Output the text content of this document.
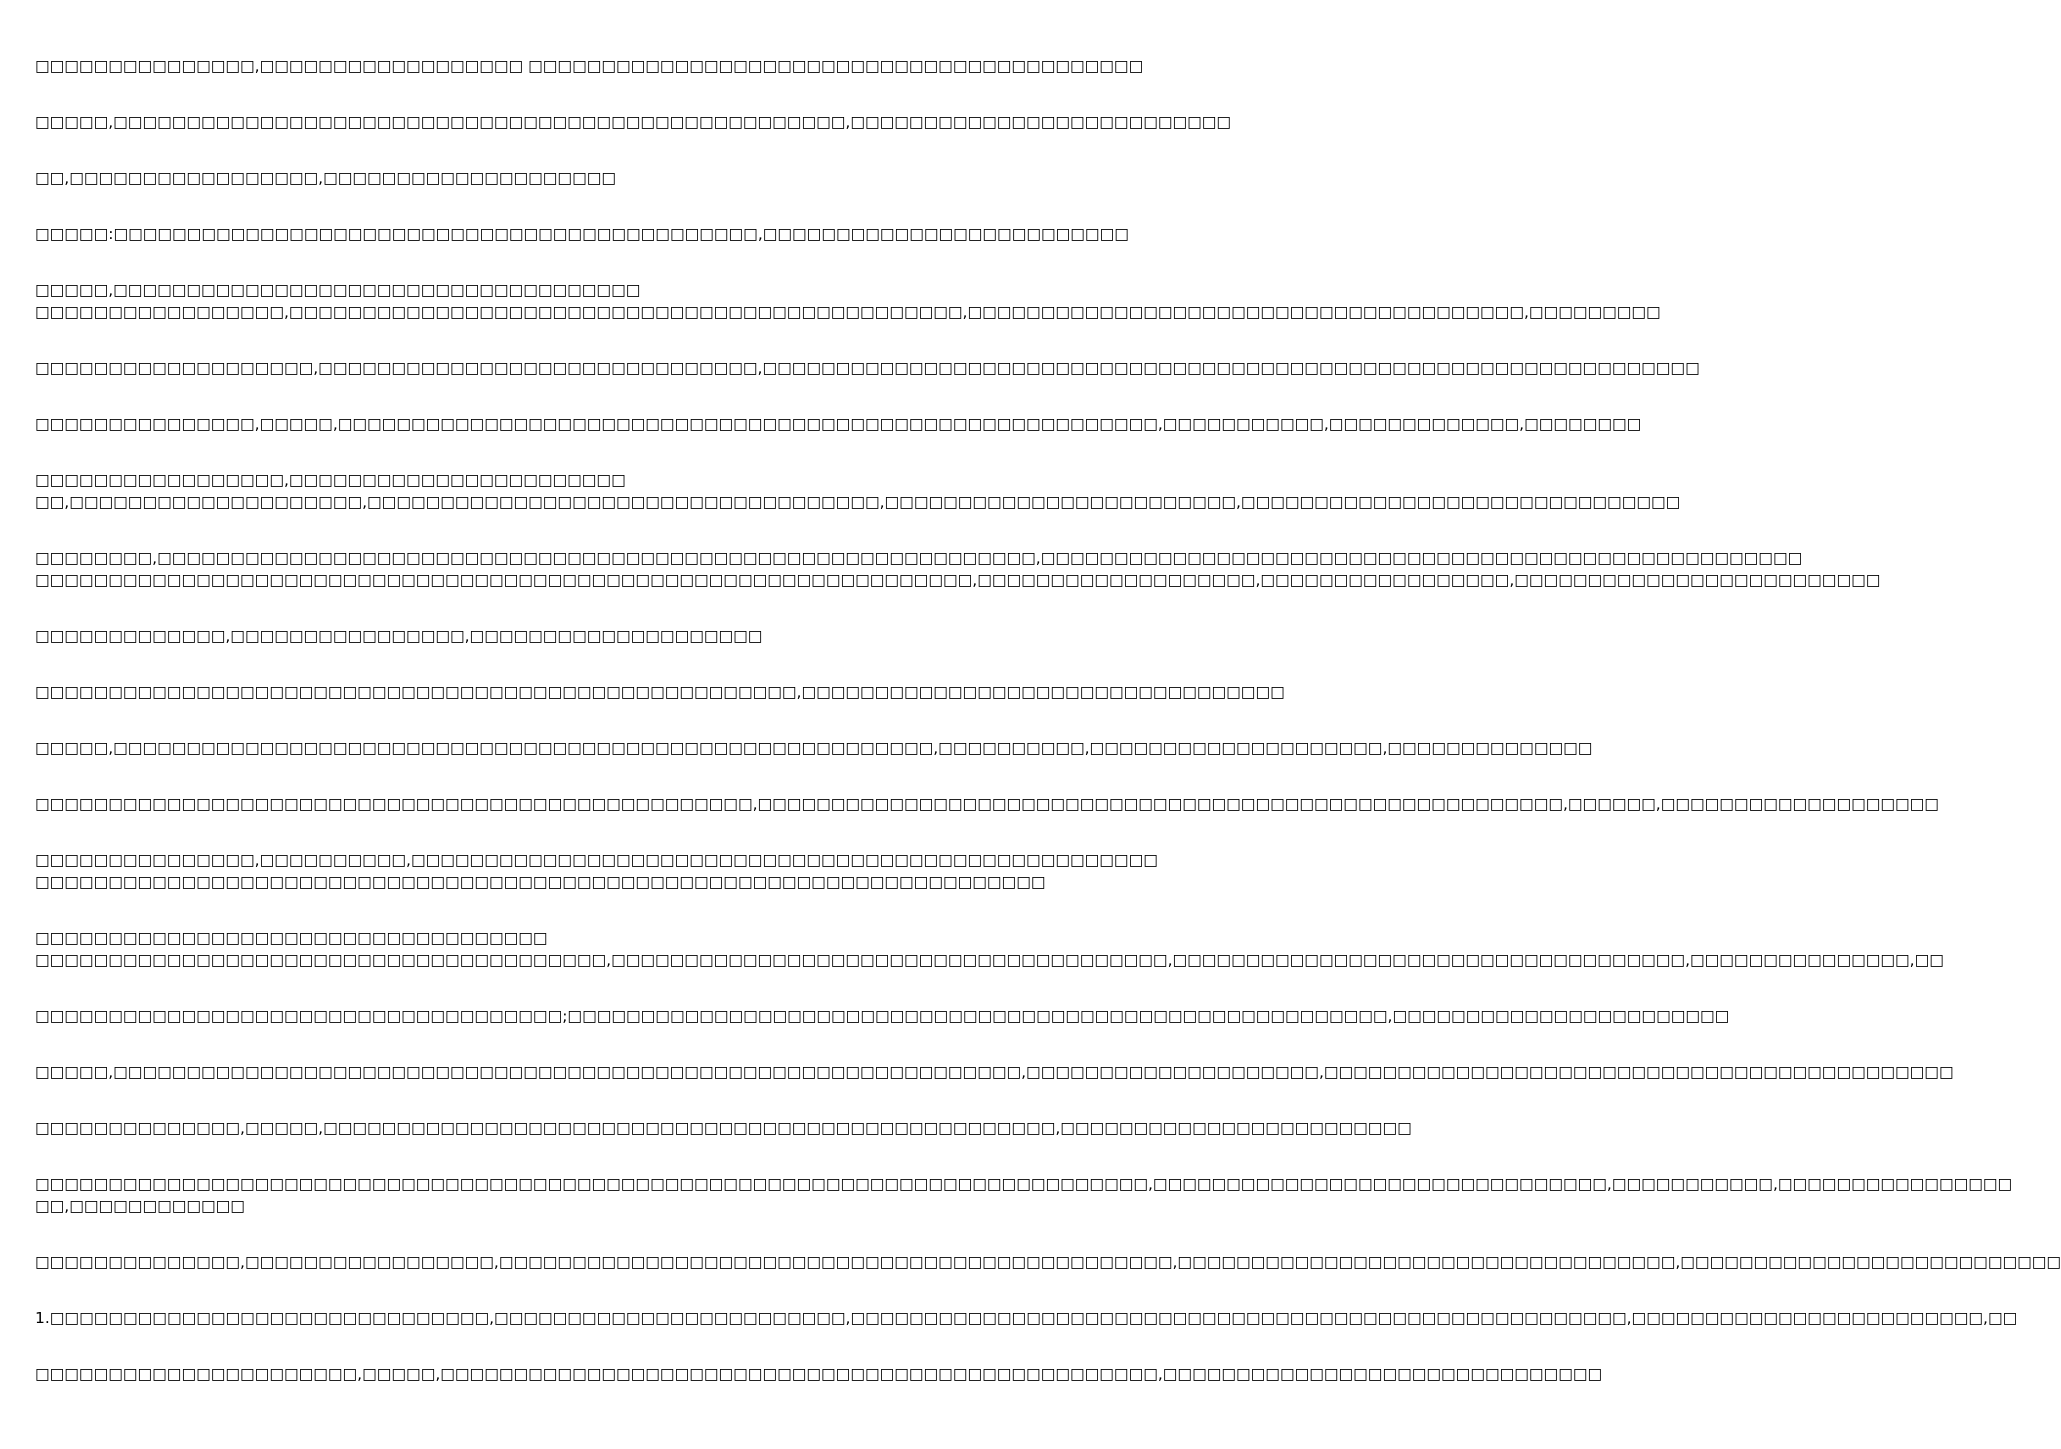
□□□□□□□□□□□□□□□,□□□□□□□□□□□□□□□□□□ □□□□□□□□□□□□□□□□□□□□□□□□□□□□□□□□□□□□□□□□□□
□□□□□,□□□□□□□□□□□□□□□□□□□□□□□□□□□□□□□□□□□□□□□□□□□□□□□□□□,□□□□□□□□□□□□□□□□□□□□□□□□□□
□□,□□□□□□□□□□□□□□□□□,□□□□□□□□□□□□□□□□□□□□
□□□□□:□□□□□□□□□□□□□□□□□□□□□□□□□□□□□□□□□□□□□□□□□□□□,□□□□□□□□□□□□□□□□□□□□□□□□□
□□□□□,□□□□□□□□□□□□□□□□□□□□□□□□□□□□□□□□□□□□
□□□□□□□□□□□□□□□□□,□□□□□□□□□□□□□□□□□□□□□□□□□□□□□□□□□□□□□□□□□□□□□□,□□□□□□□□□□□□□□□□□□□□□□□□□□□□□□□□□□□□□□,□□□□□□□□□
□□□□□□□□□□□□□□□□□□□,□□□□□□□□□□□□□□□□□□□□□□□□□□□□□□,□□□□□□□□□□□□□□□□□□□□□□□□□□□□□□□□□□□□□□□□□□□□□□□□□□□□□□□□□□□□□□□□
□□□□□□□□□□□□□□□,□□□□□,□□□□□□□□□□□□□□□□□□□□□□□□□□□□□□□□□□□□□□□□□□□□□□□□□□□□□□□□,□□□□□□□□□□□,□□□□□□□□□□□□□,□□□□□□□□
□□□□□□□□□□□□□□□□□,□□□□□□□□□□□□□□□□□□□□□□□
□□,□□□□□□□□□□□□□□□□□□□□,□□□□□□□□□□□□□□□□□□□□□□□□□□□□□□□□□□□,□□□□□□□□□□□□□□□□□□□□□□□□,□□□□□□□□□□□□□□□□□□□□□□□□□□□□□□
□□□□□□□□,□□□□□□□□□□□□□□□□□□□□□□□□□□□□□□□□□□□□□□□□□□□□□□□□□□□□□□□□□□□□,□□□□□□□□□□□□□□□□□□□□□□□□□□□□□□□□□□□□□□□□□□□□□□□□□□□□
□□□□□□□□□□□□□□□□□□□□□□□□□□□□□□□□□□□□□□□□□□□□□□□□□□□□□□□□□□□□□□□□,□□□□□□□□□□□□□□□□□□□,□□□□□□□□□□□□□□□□□,□□□□□□□□□□□□□□□□□□□□□□□□□
□□□□□□□□□□□□□,□□□□□□□□□□□□□□□□,□□□□□□□□□□□□□□□□□□□□
□□□□□□□□□□□□□□□□□□□□□□□□□□□□□□□□□□□□□□□□□□□□□□□□□□□□,□□□□□□□□□□□□□□□□□□□□□□□□□□□□□□□□□
□□□□□,□□□□□□□□□□□□□□□□□□□□□□□□□□□□□□□□□□□□□□□□□□□□□□□□□□□□□□□□,□□□□□□□□□□,□□□□□□□□□□□□□□□□□□□□,□□□□□□□□□□□□□□
□□□□□□□□□□□□□□□□□□□□□□□□□□□□□□□□□□□□□□□□□□□□□□□□□,□□□□□□□□□□□□□□□□□□□□□□□□□□□□□□□□□□□□□□□□□□□□□□□□□□□□□□□,□□□□□□,□□□□□□□□□□□□□□□□□□□
□□□□□□□□□□□□□□□,□□□□□□□□□□,□□□□□□□□□□□□□□□□□□□□□□□□□□□□□□□□□□□□□□□□□□□□□□□□□□□
□□□□□□□□□□□□□□□□□□□□□□□□□□□□□□□□□□□□□□□□□□□□□□□□□□□□□□□□□□□□□□□□□□□□□
□□□□□□□□□□□□□□□□□□□□□□□□□□□□□□□□□□□
□□□□□□□□□□□□□□□□□□□□□□□□□□□□□□□□□□□□□□□,□□□□□□□□□□□□□□□□□□□□□□□□□□□□□□□□□□□□□□,□□□□□□□□□□□□□□□□□□□□□□□□□□□□□□□□□□□,□□□□□□□□□□□□□□□,□□
□□□□□□□□□□□□□□□□□□□□□□□□□□□□□□□□□□□□;□□□□□□□□□□□□□□□□□□□□□□□□□□□□□□□□□□□□□□□□□□□□□□□□□□□□□□□□,□□□□□□□□□□□□□□□□□□□□□□□
□□□□□,□□□□□□□□□□□□□□□□□□□□□□□□□□□□□□□□□□□□□□□□□□□□□□□□□□□□□□□□□□□□□□,□□□□□□□□□□□□□□□□□□□□,□□□□□□□□□□□□□□□□□□□□□□□□□□□□□□□□□□□□□□□□□□□
□□□□□□□□□□□□□□,□□□□□,□□□□□□□□□□□□□□□□□□□□□□□□□□□□□□□□□□□□□□□□□□□□□□□□□□,□□□□□□□□□□□□□□□□□□□□□□□□
□□□□□□□□□□□□□□□□□□□□□□□□□□□□□□□□□□□□□□□□□□□□□□□□□□□□□□□□□□□□□□□□□□□□□□□□□□□□,□□□□□□□□□□□□□□□□□□□□□□□□□□□□□□□,□□□□□□□□□□□,□□□□□□□□□□□□□□□□
□□,□□□□□□□□□□□□
□□□□□□□□□□□□□□,□□□□□□□□□□□□□□□□□,□□□□□□□□□□□□□□□□□□□□□□□□□□□□□□□□□□□□□□□□□□□□□□,□□□□□□□□□□□□□□□□□□□□□□□□□□□□□□□□□□,□□□□□□□□□□□□□□□□□□□□□□□□□□
1.□□□□□□□□□□□□□□□□□□□□□□□□□□□□□□,□□□□□□□□□□□□□□□□□□□□□□□□,□□□□□□□□□□□□□□□□□□□□□□□□□□□□□□□□□□□□□□□□□□□□□□□□□□□□□,□□□□□□□□□□□□□□□□□□□□□□□□,□□
□□□□□□□□□□□□□□□□□□□□□□,□□□□□,□□□□□□□□□□□□□□□□□□□□□□□□□□□□□□□□□□□□□□□□□□□□□□□□□,□□□□□□□□□□□□□□□□□□□□□□□□□□□□□□
